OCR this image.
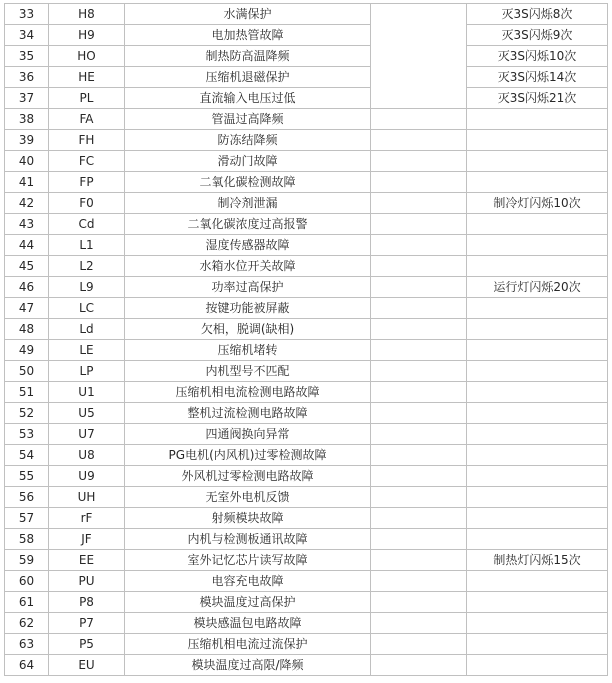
33	H8	水满保护		灭3S闪烁8次
34	H9	电加热管故障		灭3S闪烁9次
35	HO	制热防高温降频		灭3S闪烁10次
36	HE	压缩机退磁保护		灭3S闪烁14次
37	PL	直流输入电压过低		灭3S闪烁21次
38	FA	管温过高降频		
39	FH	防冻结降频		
40	FC	滑动门故障		
41	FP	二氧化碳检测故障		
42	F0	制冷剂泄漏		制冷灯闪烁10次
43	Cd	二氧化碳浓度过高报警		
44	L1	湿度传感器故障		
45	L2	水箱水位开关故障		
46	L9	功率过高保护		运行灯闪烁20次
47	LC	按键功能被屏蔽		
48	Ld	欠相，脱调(缺相)		
49	LE	压缩机堵转		
50	LP	内机型号不匹配		
51	U1	压缩机相电流检测电路故障		
52	U5	整机过流检测电路故障		
53	U7	四通阀换向异常		
54	U8	PG电机(内风机)过零检测故障		
55	U9	外风机过零检测电路故障		
56	UH	无室外电机反馈		
57	rF	射频模块故障		
58	JF	内机与检测板通讯故障		
59	EE	室外记忆芯片读写故障		制热灯闪烁15次
60	PU	电容充电故障		
61	P8	模块温度过高保护		
62	P7	模块感温包电路故障		
63	P5	压缩机相电流过流保护		
64	EU	模块温度过高限/降频		
